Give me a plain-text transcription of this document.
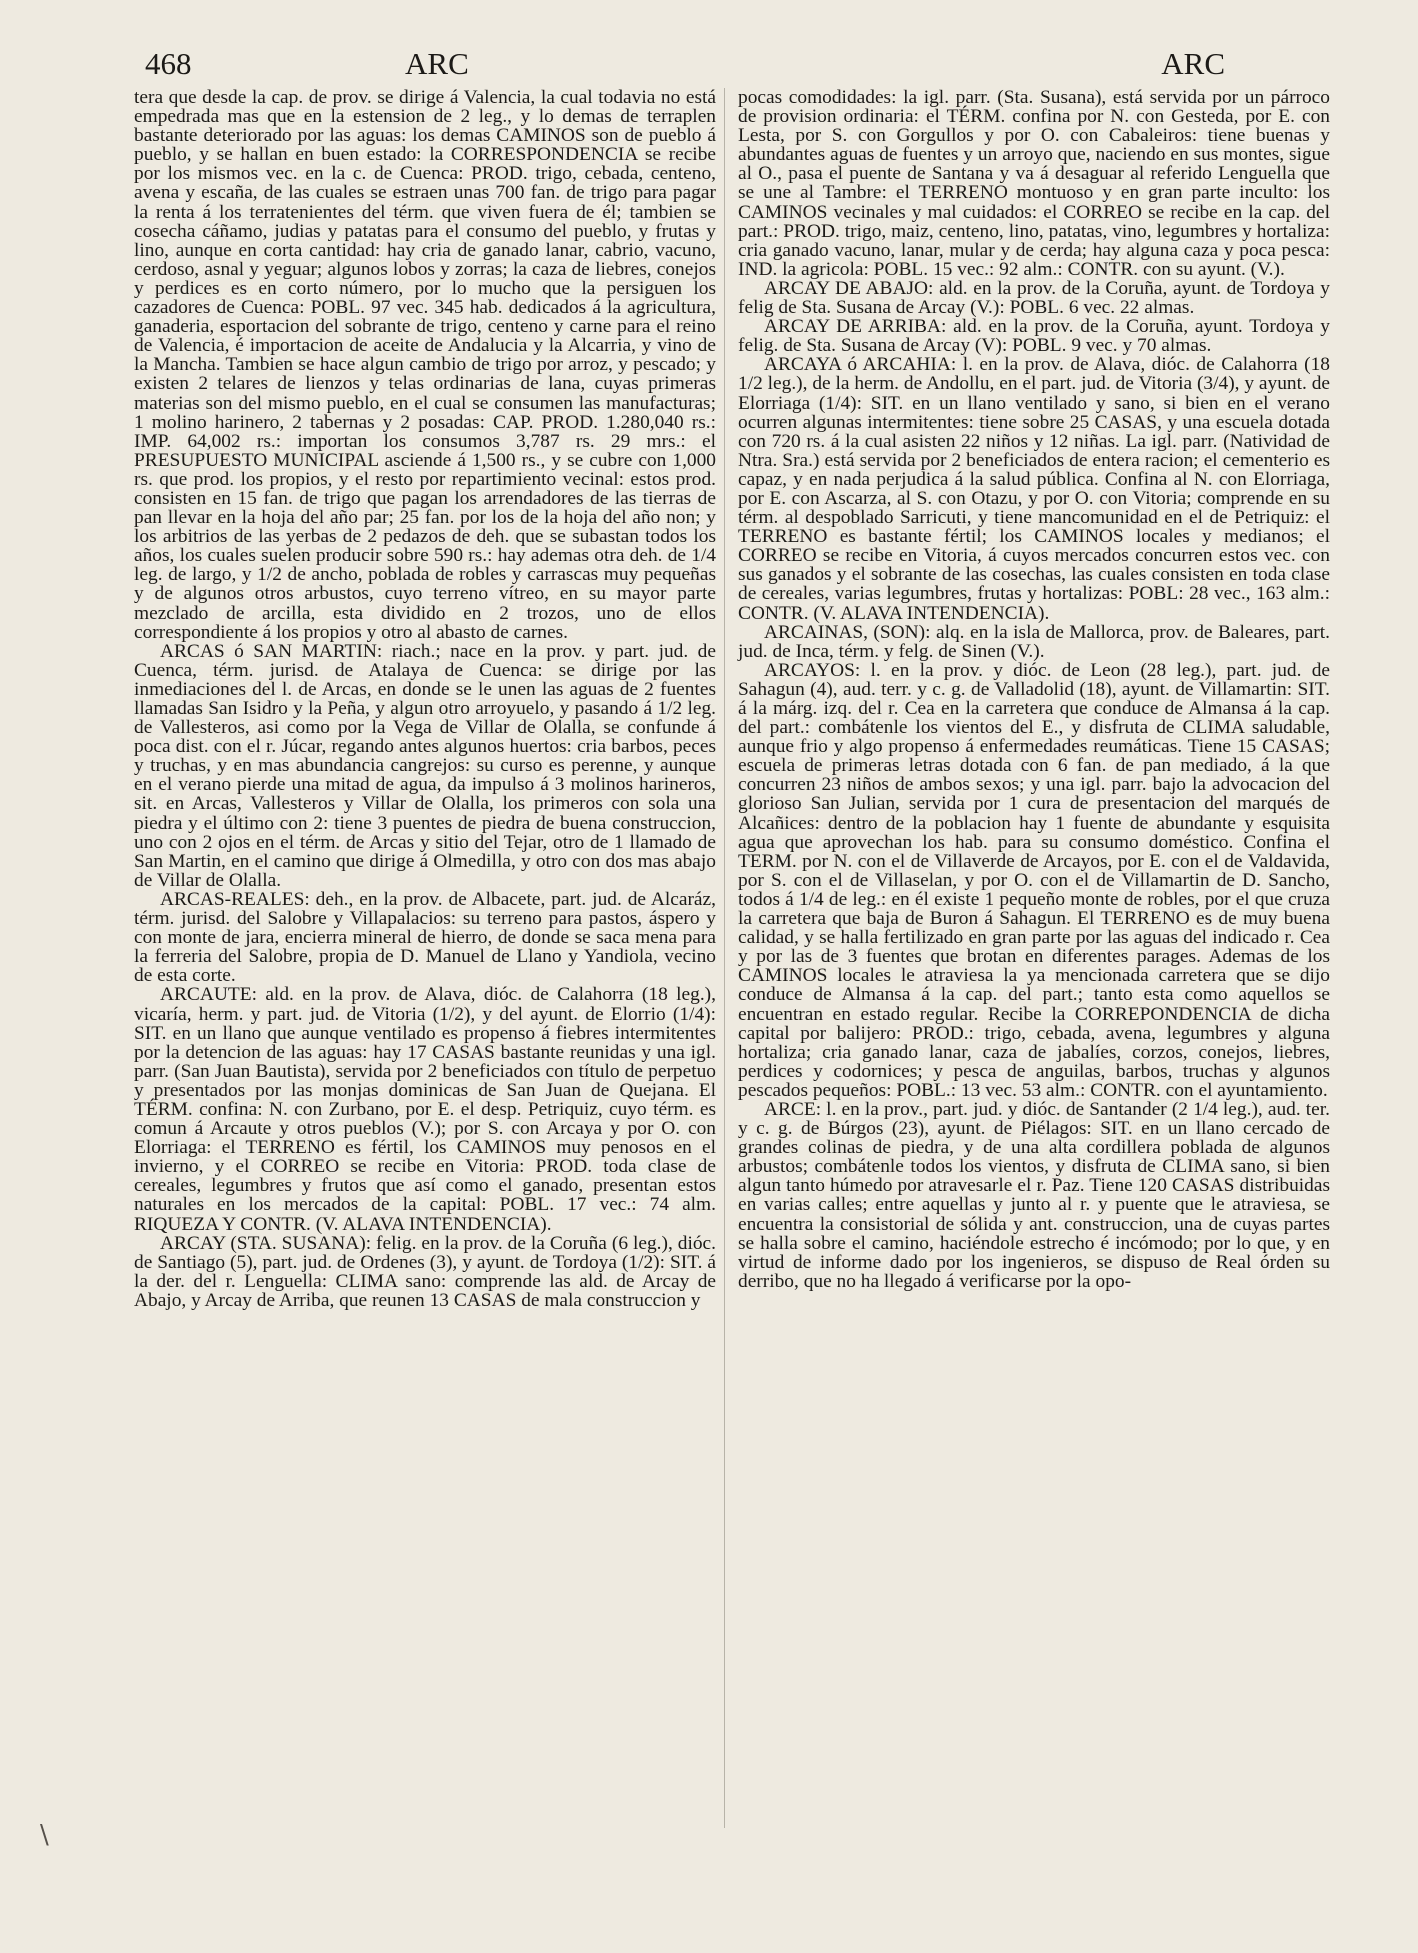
468	ARC	ARC

tera que desde la cap. de prov. se dirige á Valencia, la cual todavia no está empedrada mas que en la estension de 2 leg., y lo demas de terraplen bastante deteriorado por las aguas: los demas CAMINOS son de pueblo á pueblo, y se hallan en buen estado: la CORRESPONDENCIA se recibe por los mismos vec. en la c. de Cuenca: PROD. trigo, cebada, centeno, avena y escaña, de las cuales se estraen unas 700 fan. de trigo para pagar la renta á los terratenientes del térm. que viven fuera de él; tambien se cosecha cáñamo, judias y patatas para el consumo del pueblo, y frutas y lino, aunque en corta cantidad: hay cria de ganado lanar, cabrio, vacuno, cerdoso, asnal y yeguar; algunos lobos y zorras; la caza de liebres, conejos y perdices es en corto número, por lo mucho que la persiguen los cazadores de Cuenca: POBL. 97 vec. 345 hab. dedicados á la agricultura, ganaderia, esportacion del sobrante de trigo, centeno y carne para el reino de Valencia, é importacion de aceite de Andalucia y la Alcarria, y vino de la Mancha. Tambien se hace algun cambio de trigo por arroz, y pescado; y existen 2 telares de lienzos y telas ordinarias de lana, cuyas primeras materias son del mismo pueblo, en el cual se consumen las manufacturas; 1 molino harinero, 2 tabernas y 2 posadas: CAP. PROD. 1.280,040 rs.: IMP. 64,002 rs.: importan los consumos 3,787 rs. 29 mrs.: el PRESUPUESTO MUNICIPAL asciende á 1,500 rs., y se cubre con 1,000 rs. que prod. los propios, y el resto por repartimiento vecinal: estos prod. consisten en 15 fan. de trigo que pagan los arrendadores de las tierras de pan llevar en la hoja del año par; 25 fan. por los de la hoja del año non; y los arbitrios de las yerbas de 2 pedazos de deh. que se subastan todos los años, los cuales suelen producir sobre 590 rs.: hay ademas otra deh. de 1/4 leg. de largo, y 1/2 de ancho, poblada de robles y carrascas muy pequeñas y de algunos otros arbustos, cuyo terreno vítreo, en su mayor parte mezclado de arcilla, esta dividido en 2 trozos, uno de ellos correspondiente á los propios y otro al abasto de carnes.

ARCAS ó SAN MARTIN: riach.; nace en la prov. y part. jud. de Cuenca, térm. jurisd. de Atalaya de Cuenca: se dirige por las inmediaciones del l. de Arcas, en donde se le unen las aguas de 2 fuentes llamadas San Isidro y la Peña, y algun otro arroyuelo, y pasando á 1/2 leg. de Vallesteros, asi como por la Vega de Villar de Olalla, se confunde á poca dist. con el r. Júcar, regando antes algunos huertos: cria barbos, peces y truchas, y en mas abundancia cangrejos: su curso es perenne, y aunque en el verano pierde una mitad de agua, da impulso á 3 molinos harineros, sit. en Arcas, Vallesteros y Villar de Olalla, los primeros con sola una piedra y el último con 2: tiene 3 puentes de piedra de buena construccion, uno con 2 ojos en el térm. de Arcas y sitio del Tejar, otro de 1 llamado de San Martin, en el camino que dirige á Olmedilla, y otro con dos mas abajo de Villar de Olalla.

ARCAS-REALES: deh., en la prov. de Albacete, part. jud. de Alcaráz, térm. jurisd. del Salobre y Villapalacios: su terreno para pastos, áspero y con monte de jara, encierra mineral de hierro, de donde se saca mena para la ferreria del Salobre, propia de D. Manuel de Llano y Yandiola, vecino de esta corte.

ARCAUTE: ald. en la prov. de Alava, dióc. de Calahorra (18 leg.), vicaría, herm. y part. jud. de Vitoria (1/2), y del ayunt. de Elorrio (1/4): SIT. en un llano que aunque ventilado es propenso á fiebres intermitentes por la detencion de las aguas: hay 17 CASAS bastante reunidas y una igl. parr. (San Juan Bautista), servida por 2 beneficiados con título de perpetuo y presentados por las monjas dominicas de San Juan de Quejana. El TÉRM. confina: N. con Zurbano, por E. el desp. Petriquiz, cuyo térm. es comun á Arcaute y otros pueblos (V.); por S. con Arcaya y por O. con Elorriaga: el TERRENO es fértil, los CAMINOS muy penosos en el invierno, y el CORREO se recibe en Vitoria: PROD. toda clase de cereales, legumbres y frutos que así como el ganado, presentan estos naturales en los mercados de la capital: POBL. 17 vec.: 74 alm. RIQUEZA Y CONTR. (V. ALAVA INTENDENCIA).

ARCAY (STA. SUSANA): felig. en la prov. de la Coruña (6 leg.), dióc. de Santiago (5), part. jud. de Ordenes (3), y ayunt. de Tordoya (1/2): SIT. á la der. del r. Lenguella: CLIMA sano: comprende las ald. de Arcay de Abajo, y Arcay de Arriba, que reunen 13 CASAS de mala construccion y

pocas comodidades: la igl. parr. (Sta. Susana), está servida por un párroco de provision ordinaria: el TÉRM. confina por N. con Gesteda, por E. con Lesta, por S. con Gorgullos y por O. con Cabaleiros: tiene buenas y abundantes aguas de fuentes y un arroyo que, naciendo en sus montes, sigue al O., pasa el puente de Santana y va á desaguar al referido Lenguella que se une al Tambre: el TERRENO montuoso y en gran parte inculto: los CAMINOS vecinales y mal cuidados: el CORREO se recibe en la cap. del part.: PROD. trigo, maiz, centeno, lino, patatas, vino, legumbres y hortaliza: cria ganado vacuno, lanar, mular y de cerda; hay alguna caza y poca pesca: IND. la agricola: POBL. 15 vec.: 92 alm.: CONTR. con su ayunt. (V.).

ARCAY DE ABAJO: ald. en la prov. de la Coruña, ayunt. de Tordoya y felig de Sta. Susana de Arcay (V.): POBL. 6 vec. 22 almas.

ARCAY DE ARRIBA: ald. en la prov. de la Coruña, ayunt. Tordoya y felig. de Sta. Susana de Arcay (V): POBL. 9 vec. y 70 almas.

ARCAYA ó ARCAHIA: l. en la prov. de Alava, dióc. de Calahorra (18 1/2 leg.), de la herm. de Andollu, en el part. jud. de Vitoria (3/4), y ayunt. de Elorriaga (1/4): SIT. en un llano ventilado y sano, si bien en el verano ocurren algunas intermitentes: tiene sobre 25 CASAS, y una escuela dotada con 720 rs. á la cual asisten 22 niños y 12 niñas. La igl. parr. (Natividad de Ntra. Sra.) está servida por 2 beneficiados de entera racion; el cementerio es capaz, y en nada perjudica á la salud pública. Confina al N. con Elorriaga, por E. con Ascarza, al S. con Otazu, y por O. con Vitoria; comprende en su térm. al despoblado Sarricuti, y tiene mancomunidad en el de Petriquiz: el TERRENO es bastante fértil; los CAMINOS locales y medianos; el CORREO se recibe en Vitoria, á cuyos mercados concurren estos vec. con sus ganados y el sobrante de las cosechas, las cuales consisten en toda clase de cereales, varias legumbres, frutas y hortalizas: POBL: 28 vec., 163 alm.: CONTR. (V. ALAVA INTENDENCIA).

ARCAINAS, (SON): alq. en la isla de Mallorca, prov. de Baleares, part. jud. de Inca, térm. y felg. de Sinen (V.).

ARCAYOS: l. en la prov. y dióc. de Leon (28 leg.), part. jud. de Sahagun (4), aud. terr. y c. g. de Valladolid (18), ayunt. de Villamartin: SIT. á la márg. izq. del r. Cea en la carretera que conduce de Almansa á la cap. del part.: combátenle los vientos del E., y disfruta de CLIMA saludable, aunque frio y algo propenso á enfermedades reumáticas. Tiene 15 CASAS; escuela de primeras letras dotada con 6 fan. de pan mediado, á la que concurren 23 niños de ambos sexos; y una igl. parr. bajo la advocacion del glorioso San Julian, servida por 1 cura de presentacion del marqués de Alcañices: dentro de la poblacion hay 1 fuente de abundante y esquisita agua que aprovechan los hab. para su consumo doméstico. Confina el TERM. por N. con el de Villaverde de Arcayos, por E. con el de Valdavida, por S. con el de Villaselan, y por O. con el de Villamartin de D. Sancho, todos á 1/4 de leg.: en él existe 1 pequeño monte de robles, por el que cruza la carretera que baja de Buron á Sahagun. El TERRENO es de muy buena calidad, y se halla fertilizado en gran parte por las aguas del indicado r. Cea y por las de 3 fuentes que brotan en diferentes parages. Ademas de los CAMINOS locales le atraviesa la ya mencionada carretera que se dijo conduce de Almansa á la cap. del part.; tanto esta como aquellos se encuentran en estado regular. Recibe la CORREPONDENCIA de dicha capital por balijero: PROD.: trigo, cebada, avena, legumbres y alguna hortaliza; cria ganado lanar, caza de jabalíes, corzos, conejos, liebres, perdices y codornices; y pesca de anguilas, barbos, truchas y algunos pescados pequeños: POBL.: 13 vec. 53 alm.: CONTR. con el ayuntamiento.

ARCE: l. en la prov., part. jud. y dióc. de Santander (2 1/4 leg.), aud. ter. y c. g. de Búrgos (23), ayunt. de Piélagos: SIT. en un llano cercado de grandes colinas de piedra, y de una alta cordillera poblada de algunos arbustos; combátenle todos los vientos, y disfruta de CLIMA sano, si bien algun tanto húmedo por atravesarle el r. Paz. Tiene 120 CASAS distribuidas en varias calles; entre aquellas y junto al r. y puente que le atraviesa, se encuentra la consistorial de sólida y ant. construccion, una de cuyas partes se halla sobre el camino, haciéndole estrecho é incómodo; por lo que, y en virtud de informe dado por los ingenieros, se dispuso de Real órden su derribo, que no ha llegado á verificarse por la opo-

\
